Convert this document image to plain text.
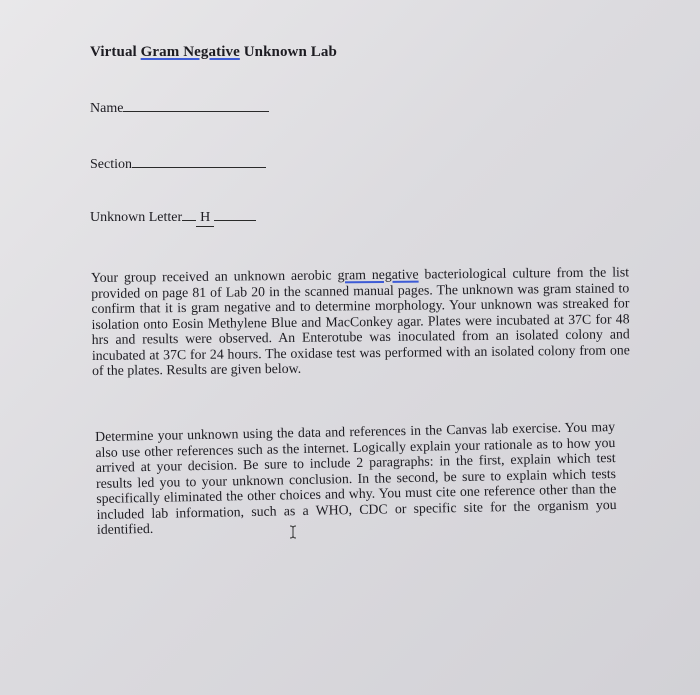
Virtual Gram Negative Unknown Lab
Name
Section
Unknown Letter H
Your group received an unknown aerobic gram negative bacteriological culture from the list provided on page 81 of Lab 20 in the scanned manual pages. The unknown was gram stained to confirm that it is gram negative and to determine morphology. Your unknown was streaked for isolation onto Eosin Methylene Blue and MacConkey agar. Plates were incubated at 37C for 48 hrs and results were observed. An Enterotube was inoculated from an isolated colony and incubated at 37C for 24 hours. The oxidase test was performed with an isolated colony from one of the plates. Results are given below.
Determine your unknown using the data and references in the Canvas lab exercise. You may also use other references such as the internet. Logically explain your rationale as to how you arrived at your decision. Be sure to include 2 paragraphs: in the first, explain which test results led you to your unknown conclusion. In the second, be sure to explain which tests specifically eliminated the other choices and why. You must cite one reference other than the included lab information, such as a WHO, CDC or specific site for the organism you identified.
